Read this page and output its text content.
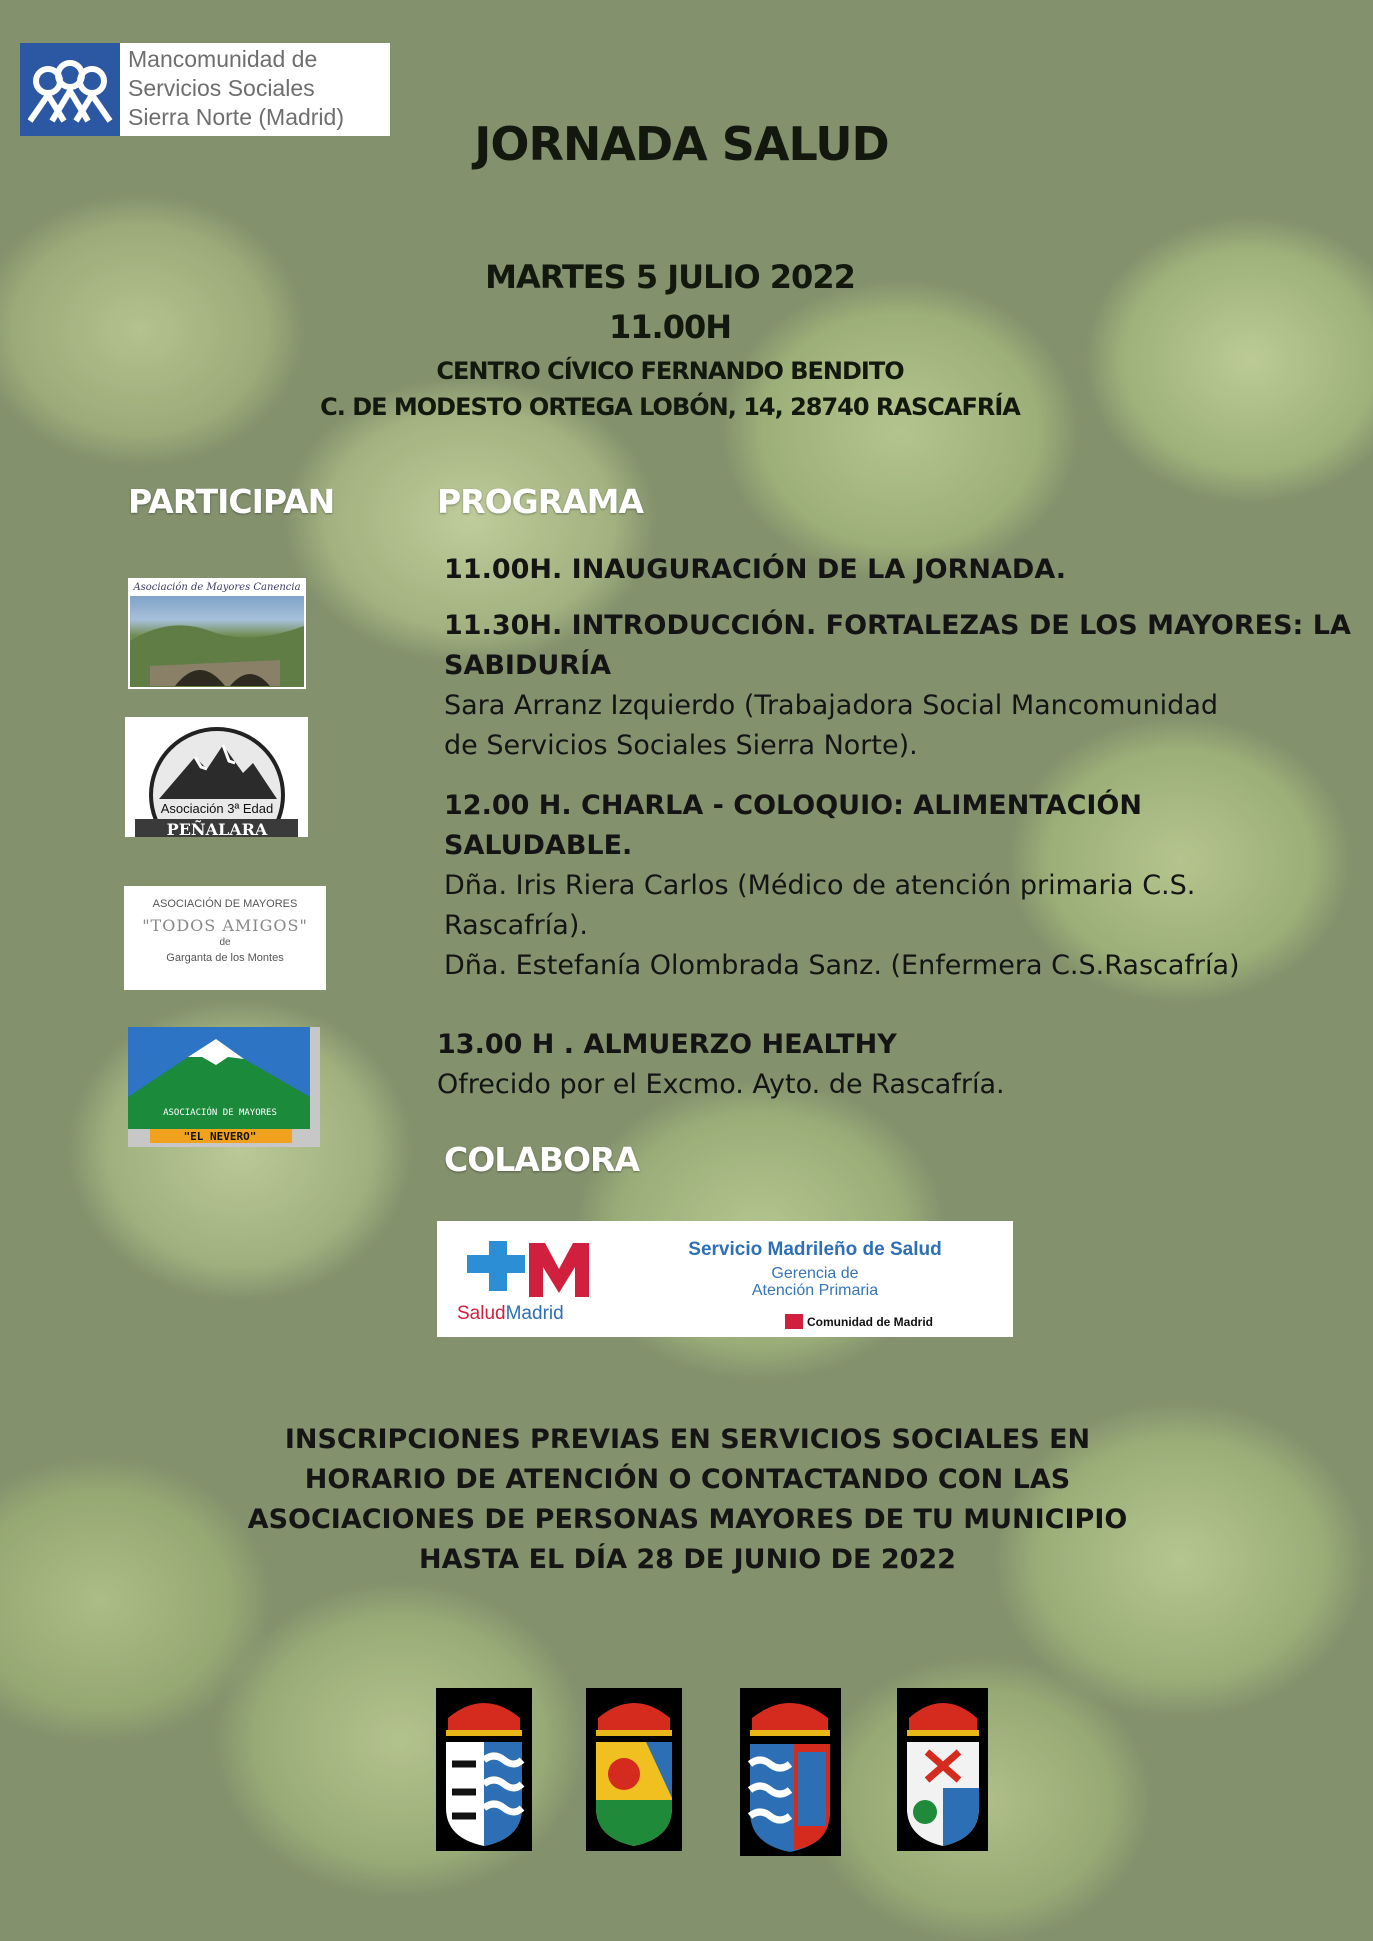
Mancomunidad de
Servicios Sociales
Sierra Norte (Madrid)	JORNADA SALUD
MARTES 5 JULIO 2022
11.00H
CENTRO CÍVICO FERNANDO BENDITO
C. DE MODESTO ORTEGA LOBÓN, 14, 28740 RASCAFRÍA
PARTICIPAN	PROGRAMA
COLABORA
11.00H. INAUGURACIÓN DE LA JORNADA.
11.30H. INTRODUCCIÓN. FORTALEZAS DE LOS MAYORES: LA
SABIDURÍA
Sara Arranz Izquierdo (Trabajadora Social Mancomunidad
de Servicios Sociales Sierra Norte).
12.00 H. CHARLA - COLOQUIO: ALIMENTACIÓN
SALUDABLE.
Dña. Iris Riera Carlos (Médico de atención primaria C.S.
Rascafría).
Dña. Estefanía Olombrada Sanz. (Enfermera C.S.Rascafría)
13.00 H . ALMUERZO HEALTHY
Ofrecido por el Excmo. Ayto. de Rascafría.
Asociación de Mayores Canencia
Asociación 3ª Edad
PEÑALARA
ASOCIACIÓN DE MAYORES
"TODOS AMIGOS"
de
Garganta de los Montes
ASOCIACIÓN DE MAYORES
"EL NEVERO"
SaludMadrid
Servicio Madrileño de Salud
Gerencia de
Atención Primaria
Comunidad de Madrid
INSCRIPCIONES PREVIAS EN SERVICIOS SOCIALES EN
HORARIO DE ATENCIÓN O CONTACTANDO CON LAS
ASOCIACIONES DE PERSONAS MAYORES DE TU MUNICIPIO
HASTA EL DÍA 28 DE JUNIO DE 2022
